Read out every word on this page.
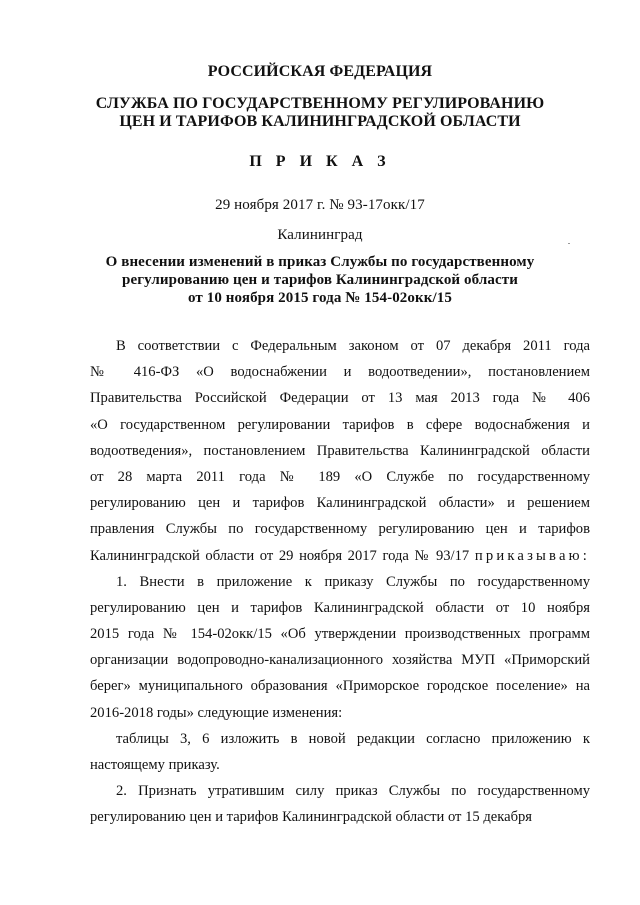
РОССИЙСКАЯ ФЕДЕРАЦИЯ
СЛУЖБА ПО ГОСУДАРСТВЕННОМУ РЕГУЛИРОВАНИЮ
ЦЕН И ТАРИФОВ КАЛИНИНГРАДСКОЙ ОБЛАСТИ
П Р И К А З
29 ноября 2017 г. № 93-17окк/17
Калининград
О внесении изменений в приказ Службы по государственному
регулированию цен и тарифов Калининградской области
от 10 ноября 2015 года № 154-02окк/15
В соответствии с Федеральным законом от 07 декабря 2011 года
№ 416-ФЗ «О водоснабжении и водоотведении», постановлением
Правительства Российской Федерации от 13 мая 2013 года № 406
«О государственном регулировании тарифов в сфере водоснабжения и
водоотведения», постановлением Правительства Калининградской области
от 28 марта 2011 года № 189 «О Службе по государственному
регулированию цен и тарифов Калининградской области» и решением
правления Службы по государственному регулированию цен и тарифов
Калининградской области от 29 ноября 2017 года № 93/17 приказываю:
1. Внести в приложение к приказу Службы по государственному
регулированию цен и тарифов Калининградской области от 10 ноября
2015 года № 154-02окк/15 «Об утверждении производственных программ
организации водопроводно-канализационного хозяйства МУП «Приморский
берег» муниципального образования «Приморское городское поселение» на
2016-2018 годы» следующие изменения:
таблицы 3, 6 изложить в новой редакции согласно приложению к
настоящему приказу.
2. Признать утратившим силу приказ Службы по государственному
регулированию цен и тарифов Калининградской области от 15 декабря
